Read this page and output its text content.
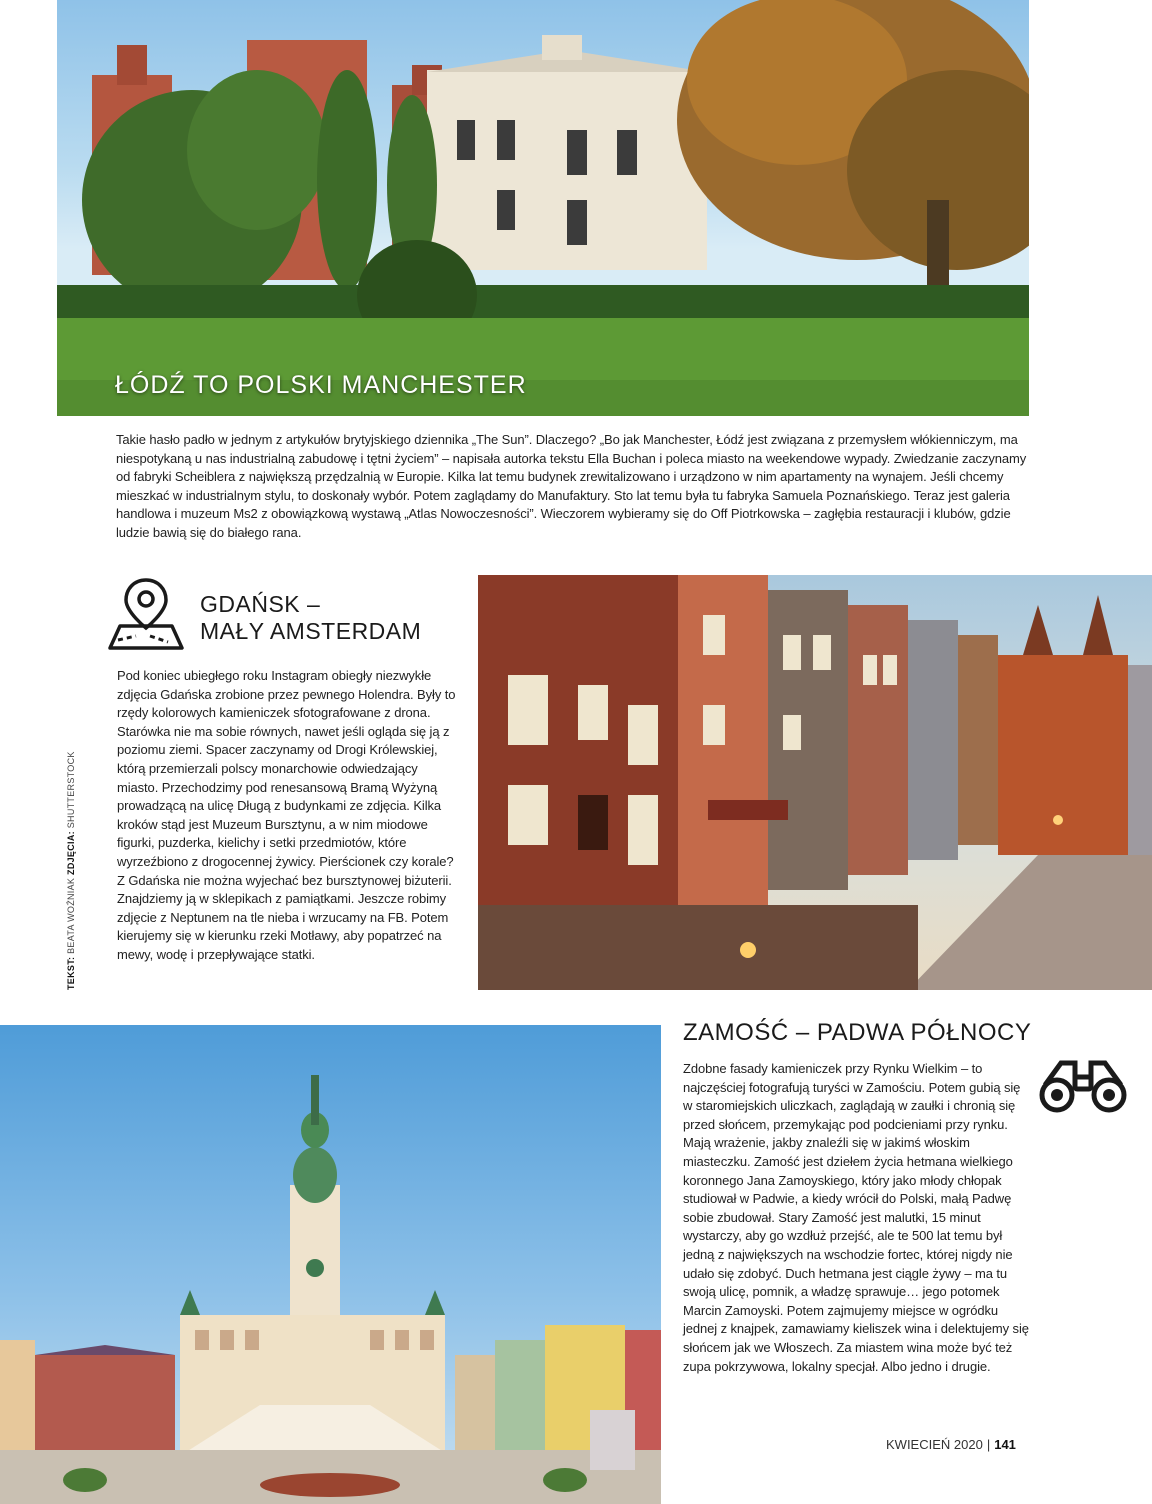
ŁÓDŹ TO POLSKI MANCHESTER
Takie hasło padło w jednym z artykułów brytyjskiego dziennika „The Sun”. Dlaczego? „Bo jak Manchester, Łódź jest związana z przemysłem włókienniczym, ma niespotykaną u nas industrialną zabudowę i tętni życiem” – napisała autorka tekstu Ella Buchan i poleca miasto na weekendowe wypady. Zwiedzanie zaczynamy od fabryki Scheiblera z największą przędzalnią w Europie. Kilka lat temu budynek zrewitalizowano i urządzono w nim apartamenty na wynajem. Jeśli chcemy mieszkać w industrialnym stylu, to doskonały wybór. Potem zaglądamy do Manufaktury. Sto lat temu była tu fabryka Samuela Poznańskiego. Teraz jest galeria handlowa i muzeum Ms2 z obowiązkową wystawą „Atlas Nowoczesności”. Wieczorem wybieramy się do Off Piotrkowska – zagłębia restauracji i klubów, gdzie ludzie bawią się do białego rana.
GDAŃSK –
MAŁY AMSTERDAM
Pod koniec ubiegłego roku Instagram obiegły niezwykłe zdjęcia Gdańska zrobione przez pewnego Holendra. Były to rzędy kolorowych kamieniczek sfotografowane z drona. Starówka nie ma sobie równych, nawet jeśli ogląda się ją z poziomu ziemi. Spacer zaczynamy od Drogi Królewskiej, którą przemierzali polscy monarchowie odwiedzający miasto. Przechodzimy pod renesansową Bramą Wyżyną prowadzącą na ulicę Długą z budynkami ze zdjęcia. Kilka kroków stąd jest Muzeum Bursztynu, a w nim miodowe figurki, puzderka, kielichy i setki przedmiotów, które wyrzeźbiono z drogocennej żywicy. Pierścionek czy korale? Z Gdańska nie można wyjechać bez bursztynowej biżuterii. Znajdziemy ją w sklepikach z pamiątkami. Jeszcze robimy zdjęcie z Neptunem na tle nieba i wrzucamy na FB. Potem kierujemy się w kierunku rzeki Motławy, aby popatrzeć na mewy, wodę i przepływające statki.
TEKST: BEATA WOŹNIAK ZDJĘCIA: SHUTTERSTOCK
ZAMOŚĆ – PADWA PÓŁNOCY
Zdobne fasady kamieniczek przy Rynku Wielkim – to najczęściej fotografują turyści w Zamościu. Potem gubią się w staromiejskich uliczkach, zaglądają w zaułki i chronią się przed słońcem, przemykając pod podcieniami przy rynku. Mają wrażenie, jakby znaleźli się w jakimś włoskim miasteczku. Zamość jest dziełem życia hetmana wielkiego koronnego Jana Zamoyskiego, który jako młody chłopak studiował w Padwie, a kiedy wrócił do Polski, małą Padwę sobie zbudował. Stary Zamość jest malutki, 15 minut wystarczy, aby go wzdłuż przejść, ale te 500 lat temu był jedną z największych na wschodzie fortec, której nigdy nie udało się zdobyć. Duch hetmana jest ciągle żywy – ma tu swoją ulicę, pomnik, a władzę sprawuje… jego potomek Marcin Zamoyski. Potem zajmujemy miejsce w ogródku jednej z knajpek, zamawiamy kieliszek wina i delektujemy się słońcem jak we Włoszech. Za miastem wina może być też zupa pokrzywowa, lokalny specjał. Albo jedno i drugie.
KWIECIEŃ 2020 | 141
